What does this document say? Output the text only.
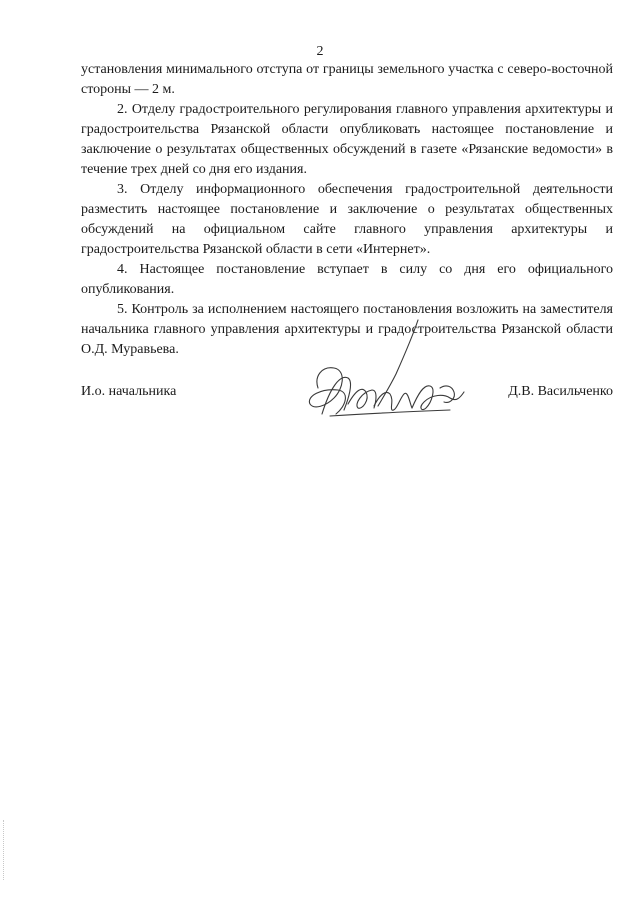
2

установления минимального отступа от границы земельного участка с северо-восточной стороны — 2 м.

2. Отделу градостроительного регулирования главного управления архитектуры и градостроительства Рязанской области опубликовать настоящее постановление и заключение о результатах общественных обсуждений в газете «Рязанские ведомости» в течение трех дней со дня его издания.

3. Отделу информационного обеспечения градостроительной деятельности разместить настоящее постановление и заключение о результатах общественных обсуждений на официальном сайте главного управления архитектуры и градостроительства Рязанской области в сети «Интернет».

4. Настоящее постановление вступает в силу со дня его официального опубликования.

5. Контроль за исполнением настоящего постановления возложить на заместителя начальника главного управления архитектуры и градостроительства Рязанской области О.Д. Муравьева.

И.о. начальника	Д.В. Васильченко
